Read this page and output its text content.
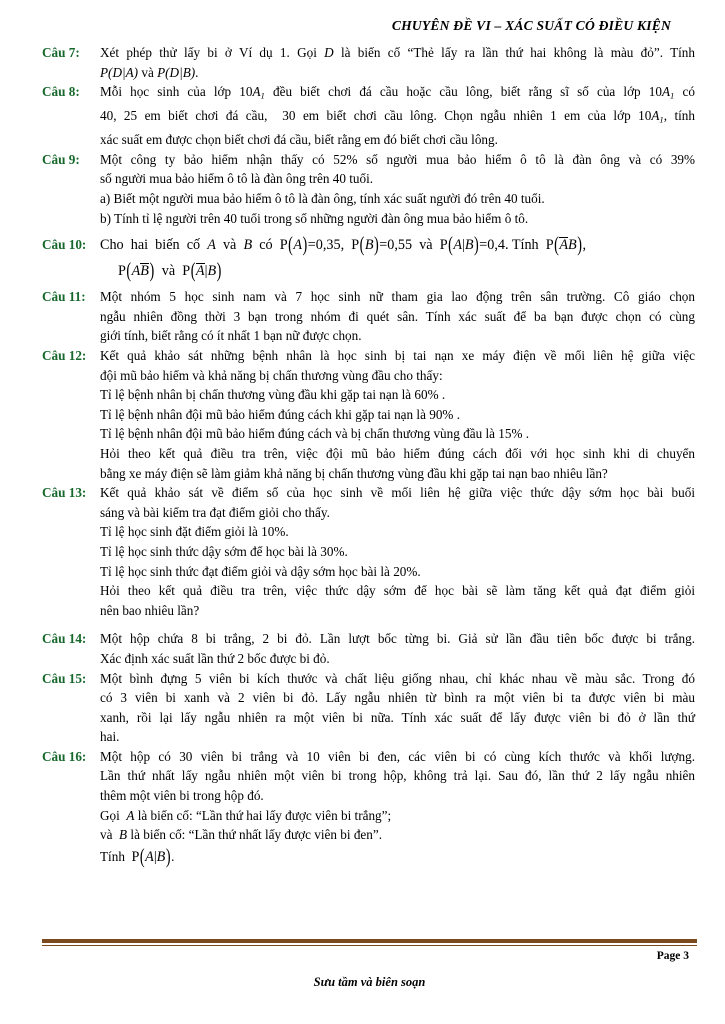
CHUYÊN ĐỀ VI – XÁC SUẤT CÓ ĐIỀU KIỆN
Câu 7:	Xét phép thử lấy bi ở Ví dụ 1. Gọi D là biến cố “Thẻ lấy ra lần thứ hai không là màu đỏ”. Tính
P(D|A) và P(D|B).
Câu 8:	Mỗi học sinh của lớp $10A_1$ đều biết chơi đá cầu hoặc cầu lông, biết rằng sĩ số của lớp $10A_1$ có
40, 25 em biết chơi đá cầu,  30 em biết chơi cầu lông. Chọn ngẫu nhiên 1 em của lớp $10A_1$, tính
xác suất em được chọn biết chơi đá cầu, biết rằng em đó biết chơi cầu lông.
Câu 9:	Một công ty bảo hiểm nhận thấy có 52% số người mua bảo hiểm ô tô là đàn ông và có 39%
số người mua bảo hiểm ô tô là đàn ông trên 40 tuổi.
a) Biết một người mua bảo hiểm ô tô là đàn ông, tính xác suất người đó trên 40 tuổi.
b) Tính tỉ lệ người trên 40 tuổi trong số những người đàn ông mua bảo hiểm ô tô.
Câu 10: Cho  hai  biến  cố  A  và  B  có  P(A)=0,35,  P(B)=0,55  và  P(A|B)=0,4. Tính  P(AB),
P(AB)  và  P(A|B)
Câu 11:	Một nhóm 5 học sinh nam và 7 học sinh nữ tham gia lao động trên sân trường. Cô giáo chọn
ngẫu nhiên đồng thời 3 bạn trong nhóm đi quét sân. Tính xác suất để ba bạn được chọn có cùng
giới tính, biết rằng có ít nhất 1 bạn nữ được chọn.
Câu 12:	Kết quả khảo sát những bệnh nhân là học sinh bị tai nạn xe máy điện về mối liên hệ giữa việc
đội mũ bảo hiểm và khả năng bị chấn thương vùng đầu cho thấy:
Tỉ lệ bệnh nhân bị chấn thương vùng đầu khi gặp tai nạn là 60% .
Tỉ lệ bệnh nhân đội mũ bảo hiểm đúng cách khi gặp tai nạn là 90% .
Tỉ lệ bệnh nhân đội mũ bảo hiểm đúng cách và bị chấn thương vùng đầu là 15% .
Hỏi theo kết quả điều tra trên, việc đội mũ bảo hiểm đúng cách đối với học sinh khi di chuyển
bằng xe máy điện sẽ làm giảm khả năng bị chấn thương vùng đầu khi gặp tai nạn bao nhiêu lần?
Câu 13:	Kết quả khảo sát về điểm số của học sinh về mối liên hệ giữa việc thức dậy sớm học bài buổi
sáng và bài kiểm tra đạt điểm giỏi cho thấy.
Tỉ lệ học sinh đặt điểm giỏi là 10%.
Tỉ lệ học sinh thức dậy sớm để học bài là 30%.
Tỉ lệ học sinh thức đạt điểm giỏi và dậy sớm học bài là 20%.
Hỏi theo kết quả điều tra trên, việc thức dậy sớm để học bài sẽ làm tăng kết quả đạt điểm giỏi
nên bao nhiêu lần?
Câu 14:	Một hộp chứa 8 bi trắng, 2 bi đỏ. Lần lượt bốc từng bi. Giả sử lần đầu tiên bốc được bi trắng.
Xác định xác suất lần thứ 2 bốc được bi đỏ.
Câu 15:	Một bình đựng 5 viên bi kích thước và chất liệu giống nhau, chỉ khác nhau về màu sắc. Trong đó
có 3 viên bi xanh và 2 viên bi đỏ. Lấy ngẫu nhiên từ bình ra một viên bi ta được viên bi màu
xanh, rồi lại lấy ngẫu nhiên ra một viên bi nữa. Tính xác suất để lấy được viên bi đỏ ở lần thứ
hai.
Câu 16:	Một hộp có 30 viên bi trắng và 10 viên bi đen, các viên bi có cùng kích thước và khối lượng.
Lần thứ nhất lấy ngẫu nhiên một viên bi trong hộp, không trả lại. Sau đó, lần thứ 2 lấy ngẫu nhiên
thêm một viên bi trong hộp đó.
Gọi  A là biến cố: “Lần thứ hai lấy được viên bi trắng”;
và  B là biến cố: “Lần thứ nhất lấy được viên bi đen”.
Tính  P(A|B).
Page 3
Sưu tầm và biên soạn
